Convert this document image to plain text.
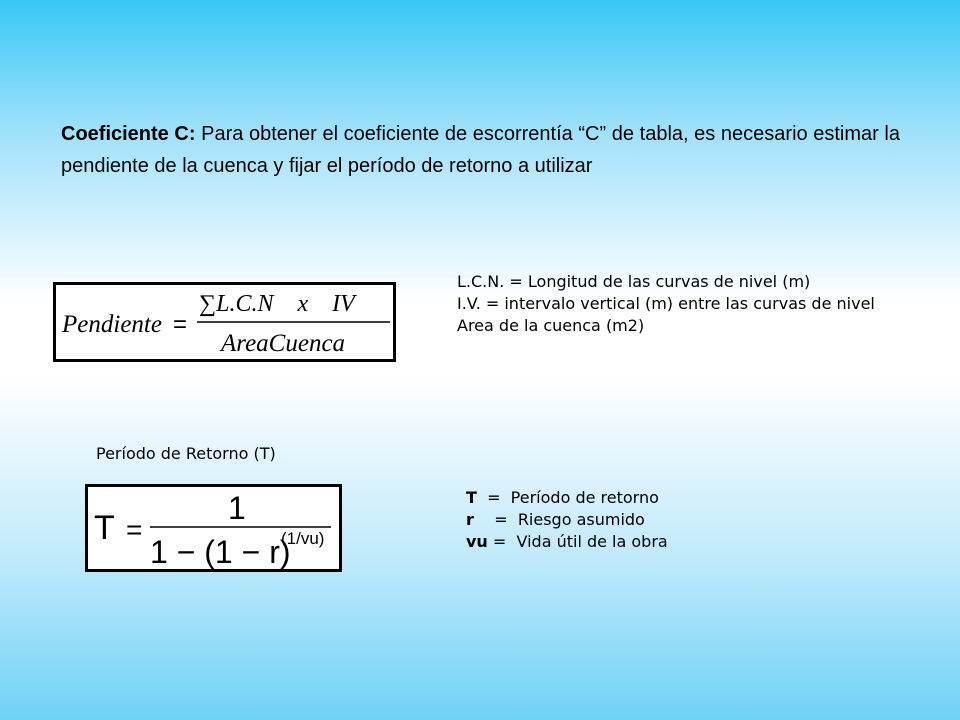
Coeficiente C: Para obtener el coeficiente de escorrentía “C” de tabla, es necesario estimar la pendiente de la cuenca y fijar el período de retorno a utilizar

Pendiente =
∑L.C.N    x    IV
AreaCuenca
L.C.N. = Longitud de las curvas de nivel (m)
I.V. = intervalo vertical (m) entre las curvas de nivel
Area de la cuenca (m2)
Período de Retorno (T)
T =
1
1 − (1 − r)
(1/vu)
T  =  Período de retorno
r    =  Riesgo asumido
vu =  Vida útil de la obra
